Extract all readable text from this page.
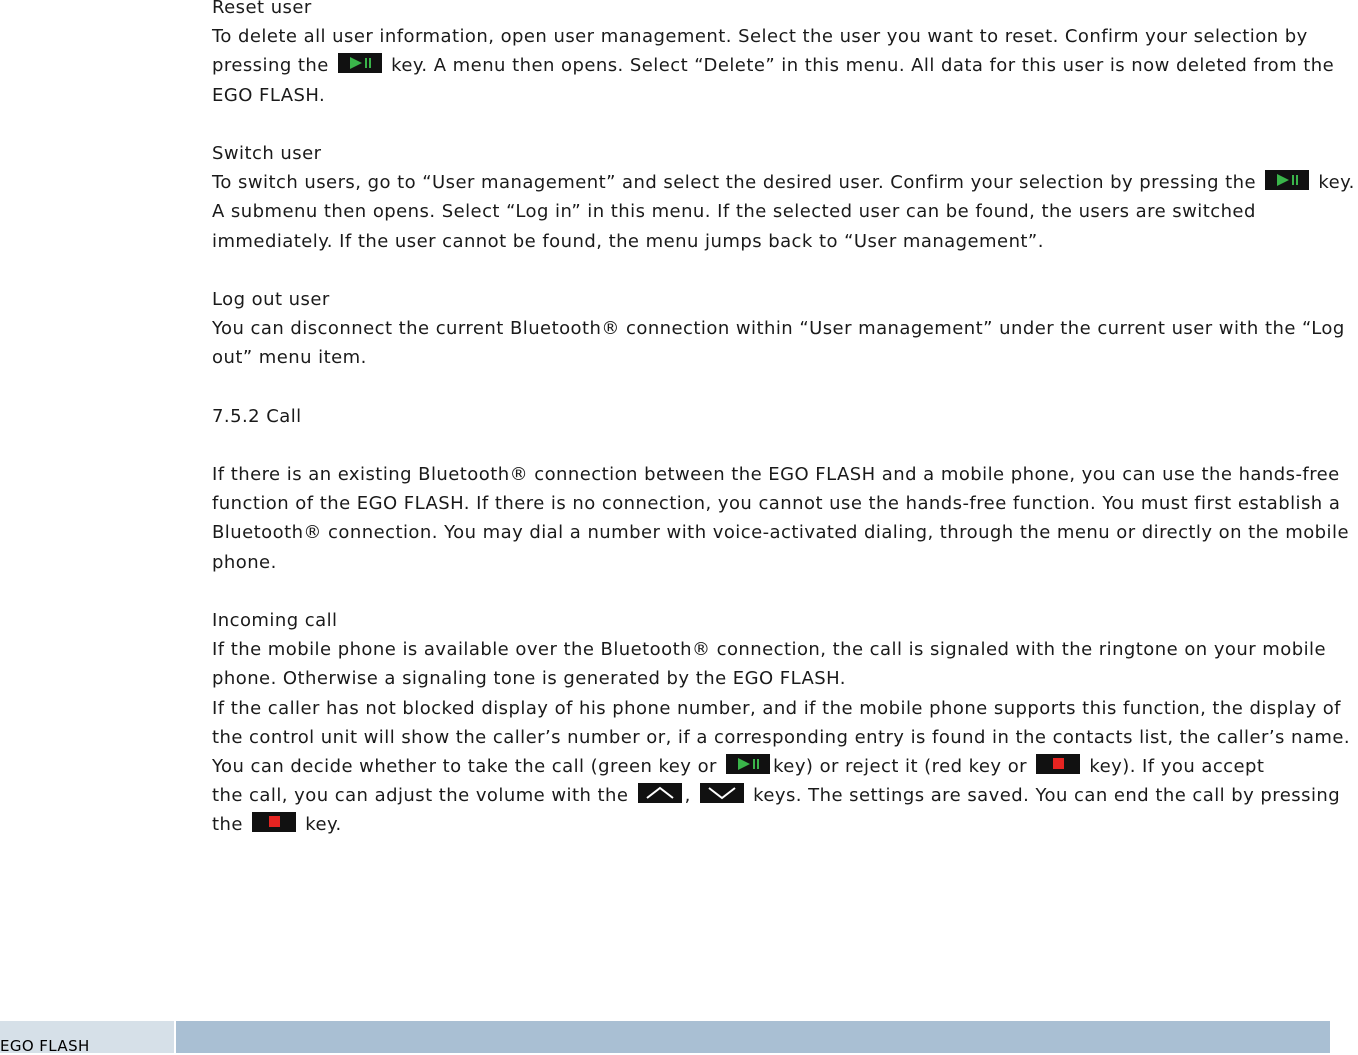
Reset user
To delete all user information, open user management. Select the user you want to reset. Confirm your selection by
pressing the	key. A menu then opens. Select “Delete” in this menu. All data for this user is now deleted from the
EGO FLASH.
Switch user
To switch users, go to “User management” and select the desired user. Confirm your selection by pressing the	key.
A submenu then opens. Select “Log in” in this menu. If the selected user can be found, the users are switched
immediately. If the user cannot be found, the menu jumps back to “User management”.
Log out user
You can disconnect the current Bluetooth® connection within “User management” under the current user with the “Log
out” menu item.
7.5.2 Call
If there is an existing Bluetooth® connection between the EGO FLASH and a mobile phone, you can use the hands-free
function of the EGO FLASH. If there is no connection, you cannot use the hands-free function. You must first establish a
Bluetooth® connection. You may dial a number with voice-activated dialing, through the menu or directly on the mobile
phone.
Incoming call
If the mobile phone is available over the Bluetooth® connection, the call is signaled with the ringtone on your mobile
phone. Otherwise a signaling tone is generated by the EGO FLASH.
If the caller has not blocked display of his phone number, and if the mobile phone supports this function, the display of
the control unit will show the caller’s number or, if a corresponding entry is found in the contacts list, the caller’s name.
You can decide whether to take the call (green key or	key) or reject it (red key or	key). If you accept
the call, you can adjust the volume with the	,	keys. The settings are saved. You can end the call by pressing
the	key.
EGO FLASH
